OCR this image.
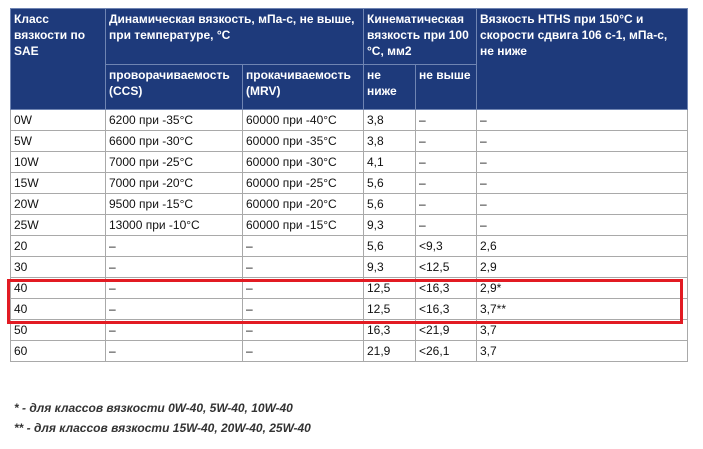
Класс вязкости по SAE	Динамическая вязкость, мПа-с, не выше, при температуре, °C		Кинематическая вязкость при 100 °C, мм2		Вязкость HTHS при 150°C и скорости сдвига 106 с-1, мПа-с, не ниже
	проворачиваемость (CCS)	прокачиваемость (MRV)	не ниже	не выше	
0W	6200 при -35°C	60000 при -40°C	3,8	–	–
5W	6600 при -30°C	60000 при -35°C	3,8	–	–
10W	7000 при -25°C	60000 при -30°C	4,1	–	–
15W	7000 при -20°C	60000 при -25°C	5,6	–	–
20W	9500 при -15°C	60000 при -20°C	5,6	–	–
25W	13000 при -10°C	60000 при -15°C	9,3	–	–
20	–	–	5,6	<9,3	2,6
30	–	–	9,3	<12,5	2,9
40	–	–	12,5	<16,3	2,9*
40	–	–	12,5	<16,3	3,7**
50	–	–	16,3	<21,9	3,7
60	–	–	21,9	<26,1	3,7
* - для классов вязкости 0W-40, 5W-40, 10W-40
** - для классов вязкости 15W-40, 20W-40, 25W-40
